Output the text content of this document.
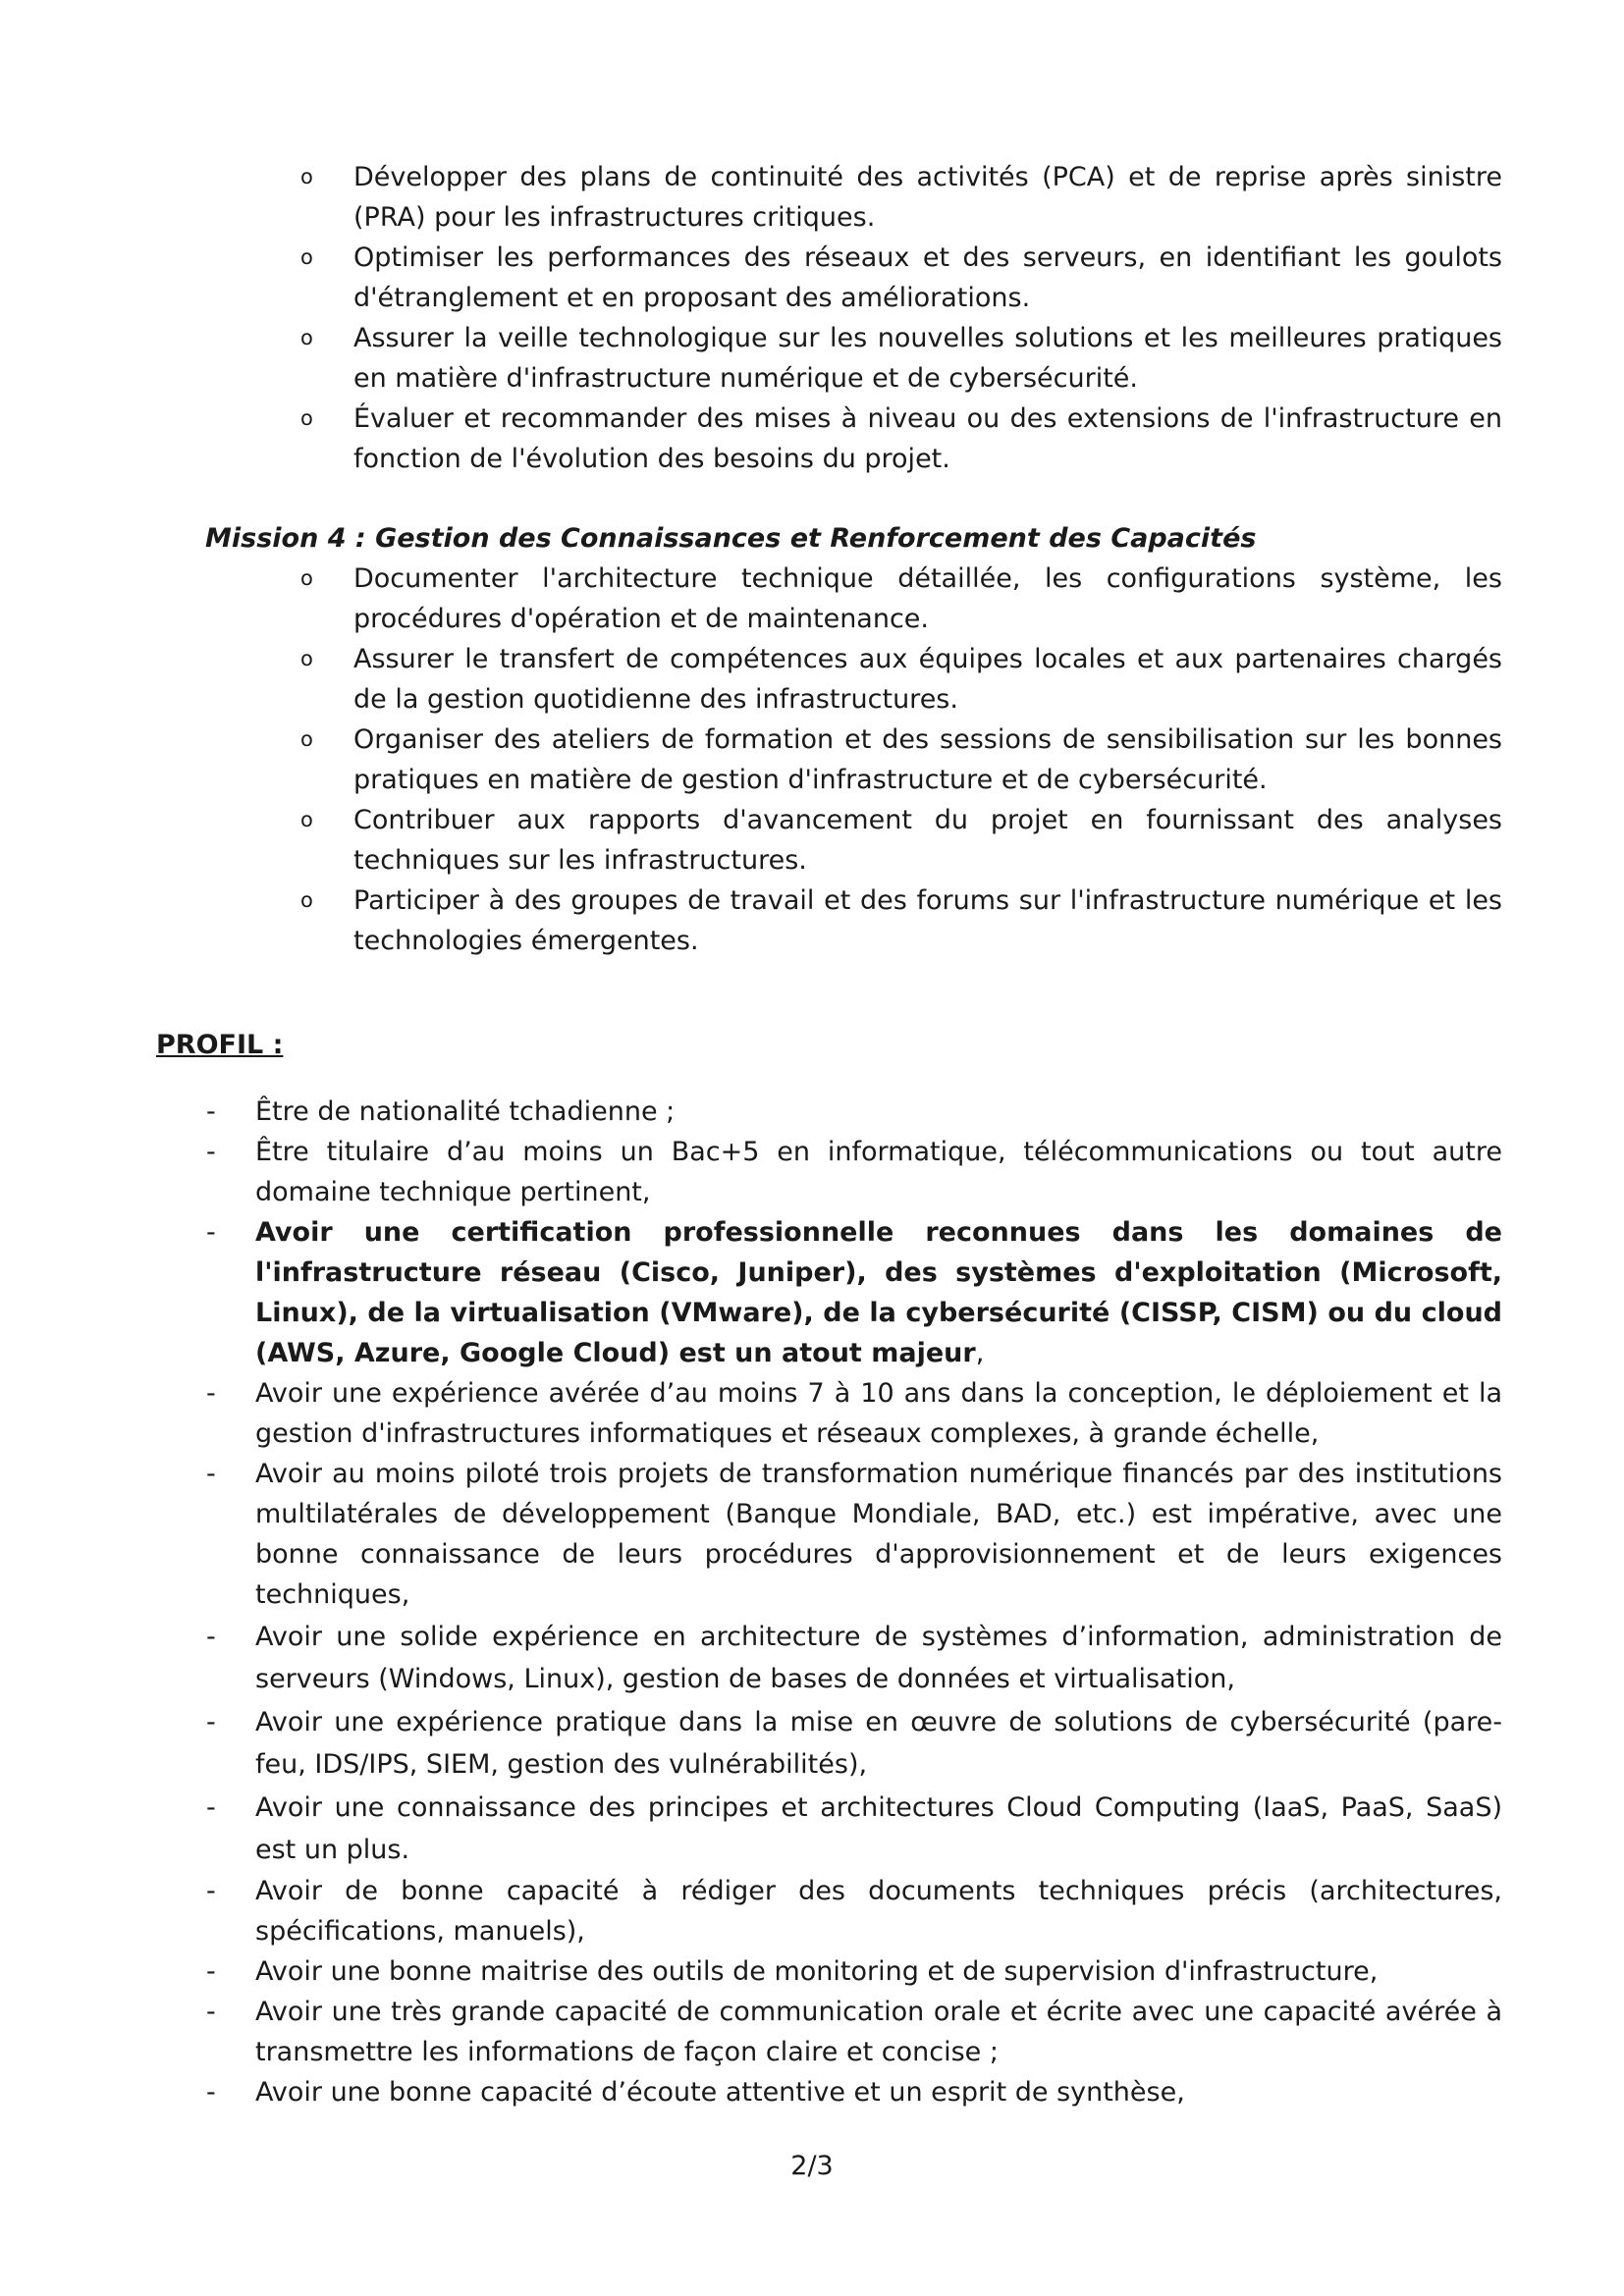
o Développer des plans de continuité des activités (PCA) et de reprise après sinistre (PRA) pour les infrastructures critiques.
o Optimiser les performances des réseaux et des serveurs, en identifiant les goulots d'étranglement et en proposant des améliorations.
o Assurer la veille technologique sur les nouvelles solutions et les meilleures pratiques en matière d'infrastructure numérique et de cybersécurité.
o Évaluer et recommander des mises à niveau ou des extensions de l'infrastructure en fonction de l'évolution des besoins du projet.

Mission 4 : Gestion des Connaissances et Renforcement des Capacités

o Documenter l'architecture technique détaillée, les configurations système, les procédures d'opération et de maintenance.
o Assurer le transfert de compétences aux équipes locales et aux partenaires chargés de la gestion quotidienne des infrastructures.
o Organiser des ateliers de formation et des sessions de sensibilisation sur les bonnes pratiques en matière de gestion d'infrastructure et de cybersécurité.
o Contribuer aux rapports d'avancement du projet en fournissant des analyses techniques sur les infrastructures.
o Participer à des groupes de travail et des forums sur l'infrastructure numérique et les technologies émergentes.

PROFIL :

-	Être de nationalité tchadienne ;
-	Être titulaire d’au moins un Bac+5 en informatique, télécommunications ou tout autre domaine technique pertinent,
-	Avoir une certification professionnelle reconnues dans les domaines de l'infrastructure réseau (Cisco, Juniper), des systèmes d'exploitation (Microsoft, Linux), de la virtualisation (VMware), de la cybersécurité (CISSP, CISM) ou du cloud (AWS, Azure, Google Cloud) est un atout majeur,
-	Avoir une expérience avérée d’au moins 7 à 10 ans dans la conception, le déploiement et la gestion d'infrastructures informatiques et réseaux complexes, à grande échelle,
-	Avoir au moins piloté trois projets de transformation numérique financés par des institutions multilatérales de développement (Banque Mondiale, BAD, etc.) est impérative, avec une bonne connaissance de leurs procédures d'approvisionnement et de leurs exigences techniques,
-	Avoir une solide expérience en architecture de systèmes d’information, administration de serveurs (Windows, Linux), gestion de bases de données et virtualisation,
-	Avoir une expérience pratique dans la mise en œuvre de solutions de cybersécurité (pare-feu, IDS/IPS, SIEM, gestion des vulnérabilités),
-	Avoir une connaissance des principes et architectures Cloud Computing (IaaS, PaaS, SaaS) est un plus.
-	Avoir de bonne capacité à rédiger des documents techniques précis (architectures, spécifications, manuels),
-	Avoir une bonne maitrise des outils de monitoring et de supervision d'infrastructure,
-	Avoir une très grande capacité de communication orale et écrite avec une capacité avérée à transmettre les informations de façon claire et concise ;
-	Avoir une bonne capacité d’écoute attentive et un esprit de synthèse,

2/3
